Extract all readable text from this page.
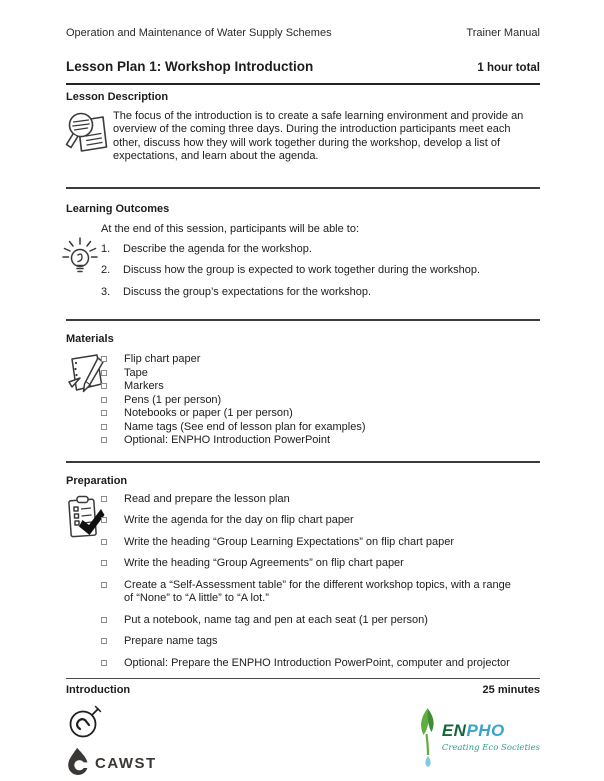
Operation and Maintenance of Water Supply Schemes	Trainer Manual
Lesson Plan 1: Workshop Introduction	1 hour total
Lesson Description

The focus of the introduction is to create a safe learning environment and provide an overview of the coming three days. During the introduction participants meet each other, discuss how they will work together during the workshop, develop a list of expectations, and learn about the agenda.

Learning Outcomes

At the end of this session, participants will be able to:

Describe the agenda for the workshop.
Discuss how the group is expected to work together during the workshop.
Discuss the group’s expectations for the workshop.
Materials
Flip chart paper
Tape
Markers
Pens (1 per person)
Notebooks or paper (1 per person)
Name tags (See end of lesson plan for examples)
Optional: ENPHO Introduction PowerPoint
Preparation
Read and prepare the lesson plan
Write the agenda for the day on flip chart paper
Write the heading “Group Learning Expectations” on flip chart paper
Write the heading “Group Agreements” on flip chart paper
Create a “Self-Assessment table” for the different workshop topics, with a range of “None” to “A little” to “A lot.”
Put a notebook, name tag and pen at each seat (1 per person)
Prepare name tags
Optional: Prepare the ENPHO Introduction PowerPoint, computer and projector
Introduction	25 minutes
CAWST
ENPHO
Creating Eco Societies
